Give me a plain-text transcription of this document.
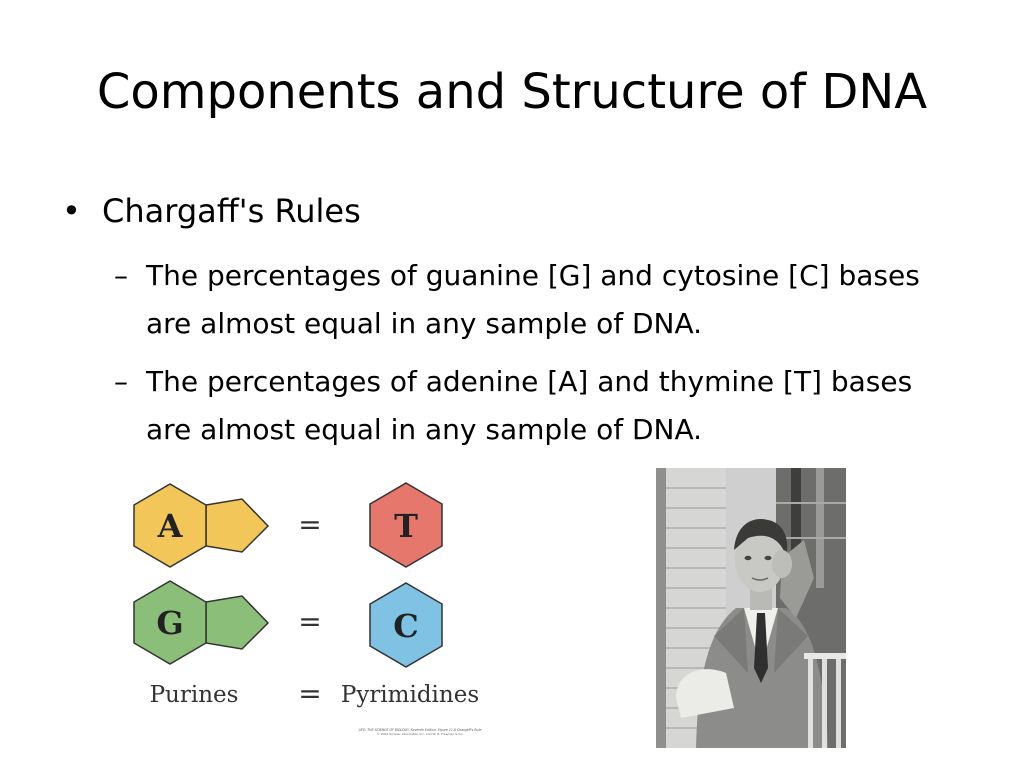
Components and Structure of DNA
• Chargaff's Rules
– The percentages of guanine [G] and cytosine [C] bases are almost equal in any sample of DNA.
– The percentages of adenine [A] and thymine [T] bases are almost equal in any sample of DNA.
A	= T
G	= C
Purines = Pyrimidines
LIFE: THE SCIENCE OF BIOLOGY, Seventh Edition, Figure 11.6 Chargaff's Rule
© 2004 Sinauer Associates, Inc. and W. H. Freeman & Co.
